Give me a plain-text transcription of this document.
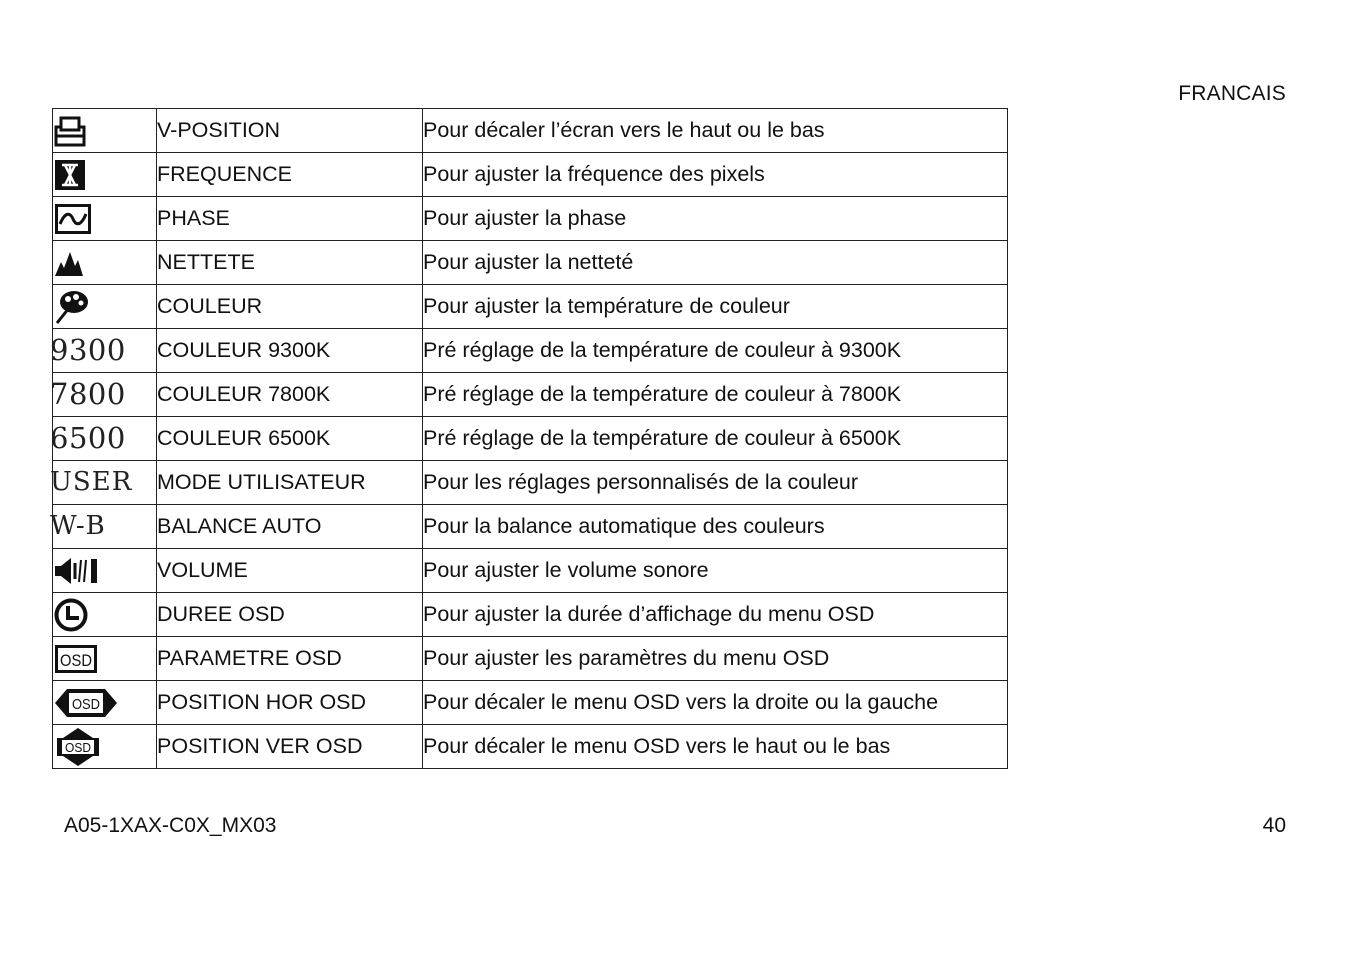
FRANCAIS
	V-POSITION	Pour décaler l’écran vers le haut ou le bas
	FREQUENCE	Pour ajuster la fréquence des pixels
	PHASE	Pour ajuster la phase
	NETTETE	Pour ajuster la netteté
	COULEUR	Pour ajuster la température de couleur
9300	COULEUR 9300K	Pré réglage de la température de couleur à 9300K
7800	COULEUR 7800K	Pré réglage de la température de couleur à 7800K
6500	COULEUR 6500K	Pré réglage de la température de couleur à 6500K
USER	MODE UTILISATEUR	Pour les réglages personnalisés de la couleur
W-B	BALANCE AUTO	Pour la balance automatique des couleurs
	VOLUME	Pour ajuster le volume sonore
	DUREE OSD	Pour ajuster la durée d’affichage du menu OSD

OSD	PARAMETRE OSD	Pour ajuster les paramètres du menu OSD

OSD	POSITION HOR OSD	Pour décaler le menu OSD vers la droite ou la gauche

OSD	POSITION VER OSD	Pour décaler le menu OSD vers le haut ou le bas
A05-1XAX-C0X_MX03	40
